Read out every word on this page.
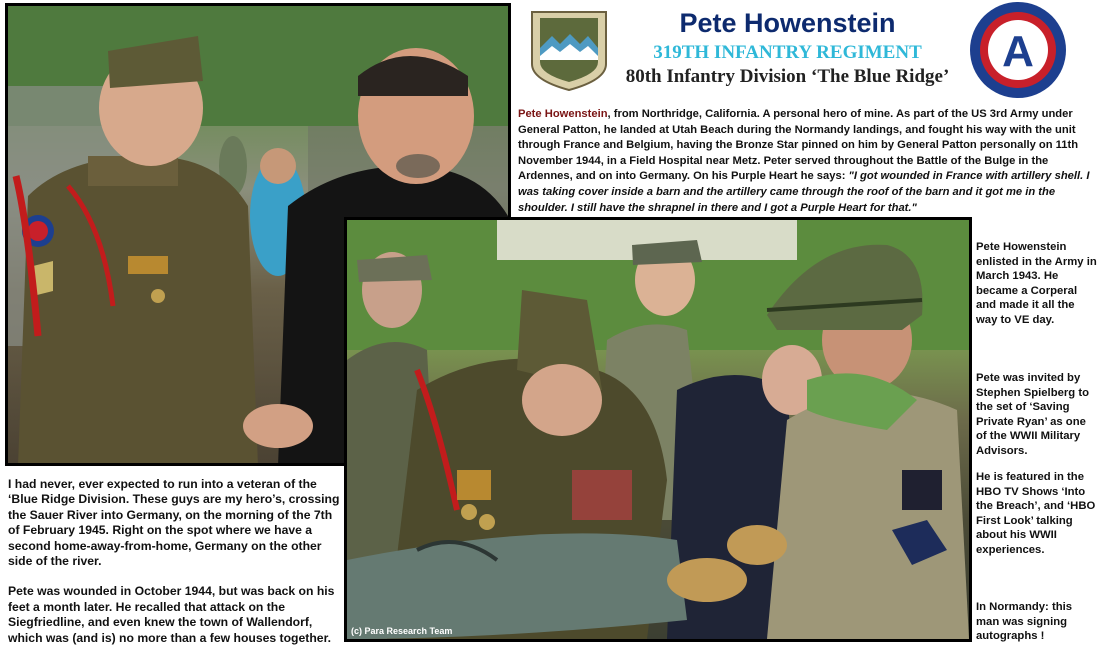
(c) Para Research Team
A
Pete Howenstein
319TH INFANTRY REGIMENT
80th Infantry Division ‘The Blue Ridge’
Pete Howenstein, from Northridge, California. A personal hero of mine. As part of the US 3rd Army under General Patton, he landed at Utah Beach during the Normandy landings, and fought his way with the unit through France and Belgium, having the Bronze Star pinned on him by General Patton personally on 11th November 1944, in a Field Hospital near Metz. Peter served throughout the Battle of the Bulge in the Ardennes, and on into Germany. On his Purple Heart he says: "I got wounded in France with artillery shell. I was taking cover inside a barn and the artillery came through the roof of the barn and it got me in the shoulder. I still have the shrapnel in there and I got a Purple Heart for that."
Pete Howenstein enlisted in the Army in March 1943. He became a Corperal and made it all the way to VE day.
Pete was invited by Stephen Spielberg to the set of ‘Saving Private Ryan’ as one of the WWII Military Advisors.
He is featured in the HBO TV Shows ‘Into the Breach’, and ‘HBO First Look’ talking about his WWII experiences.
In Normandy: this man was signing autographs !

I had never, ever expected to run into a veteran of the ‘Blue Ridge Division. These guys are my hero’s, crossing the Sauer River into Germany, on the morning of the 7th of February 1945. Right on the spot where we have a second home-away-from-home, Germany on the other side of the river.

Pete was wounded in October 1944, but was back on his feet a month later. He recalled that attack on the Siegfriedline, and even knew the town of Wallendorf, which was (and is) no more than a few houses together.
